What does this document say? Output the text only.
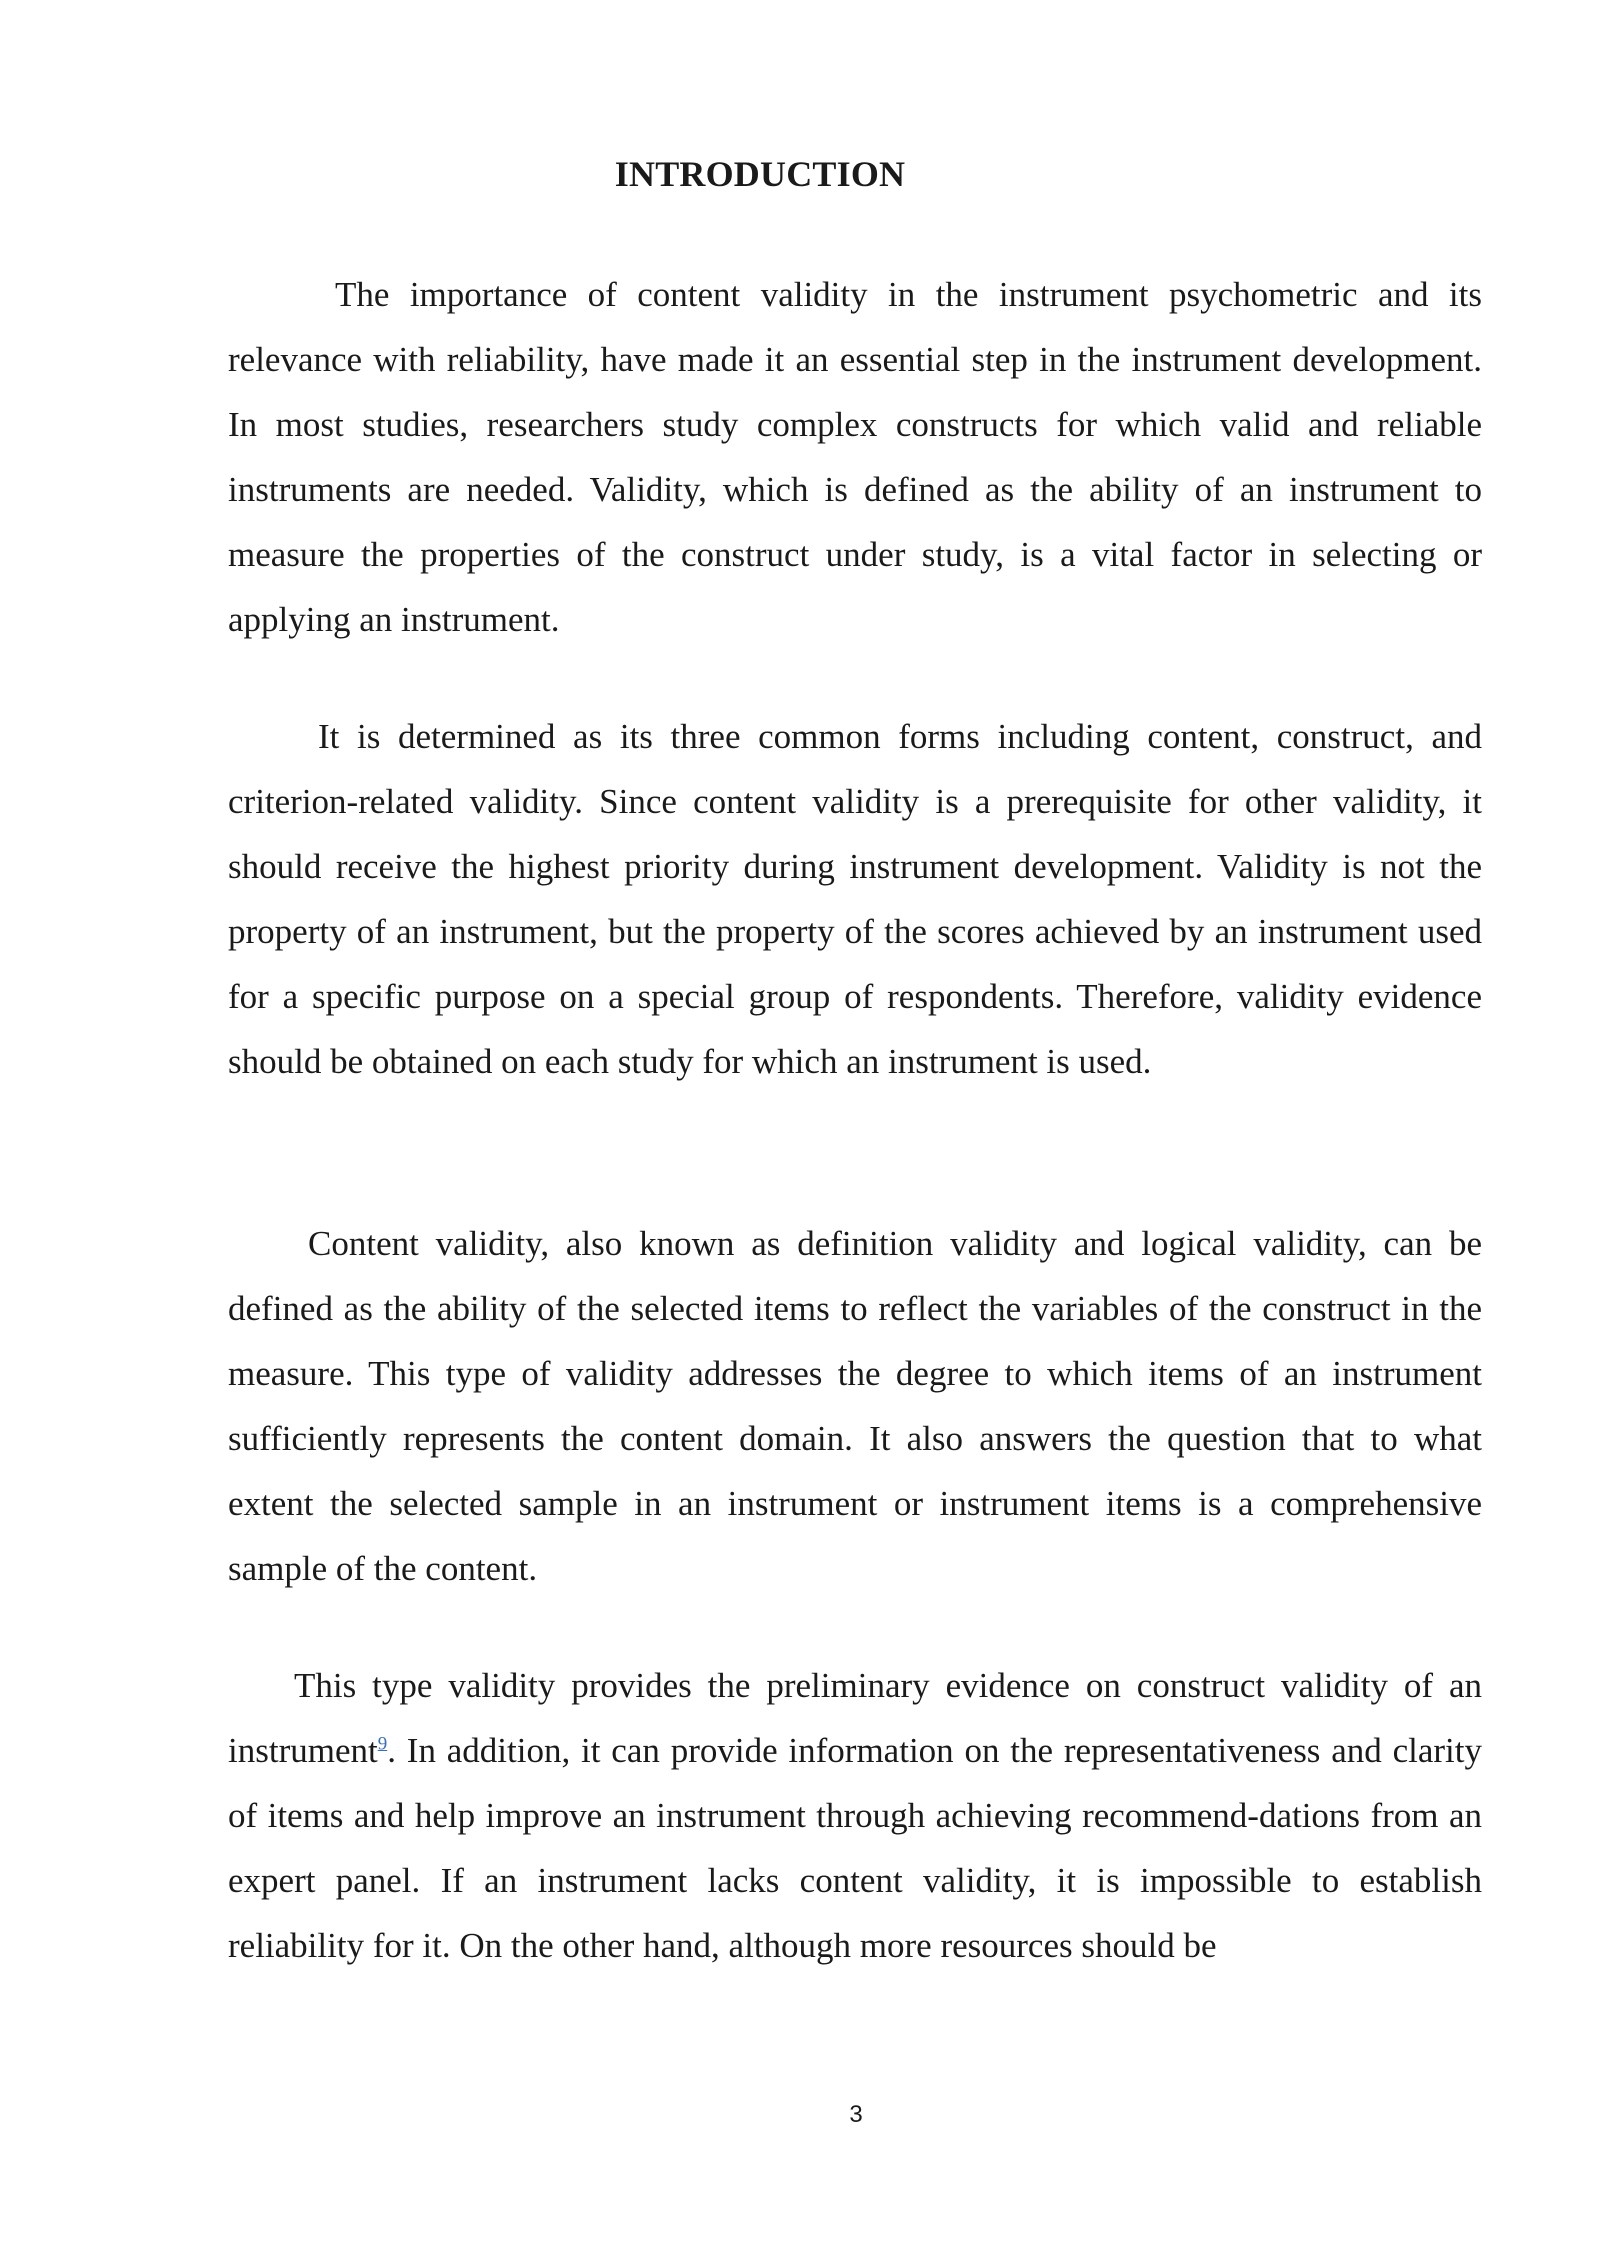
INTRODUCTION

The importance of content validity in the instrument psychometric and its relevance with reliability, have made it an essential step in the instrument development. In most studies, researchers study complex constructs for which valid and reliable instruments are needed. Validity, which is defined as the ability of an instrument to measure the properties of the construct under study, is a vital factor in selecting or applying an instrument.

It is determined as its three common forms including content, construct, and criterion-related validity. Since content validity is a prerequisite for other validity, it should receive the highest priority during instrument development. Validity is not the property of an instrument, but the property of the scores achieved by an instrument used for a specific purpose on a special group of respondents. Therefore, validity evidence should be obtained on each study for which an instrument is used.

Content validity, also known as definition validity and logical validity, can be defined as the ability of the selected items to reflect the variables of the construct in the measure. This type of validity addresses the degree to which items of an instrument sufficiently represents the content domain. It also answers the question that to what extent the selected sample in an instrument or instrument items is a comprehensive sample of the content.

This type validity provides the preliminary evidence on construct validity of an instrument$^9$. In addition, it can provide information on the representativeness and clarity of items and help improve an instrument through achieving recommend-dations from an expert panel. If an instrument lacks content validity, it is impossible to establish reliability for it. On the other hand, although more resources should be

3
